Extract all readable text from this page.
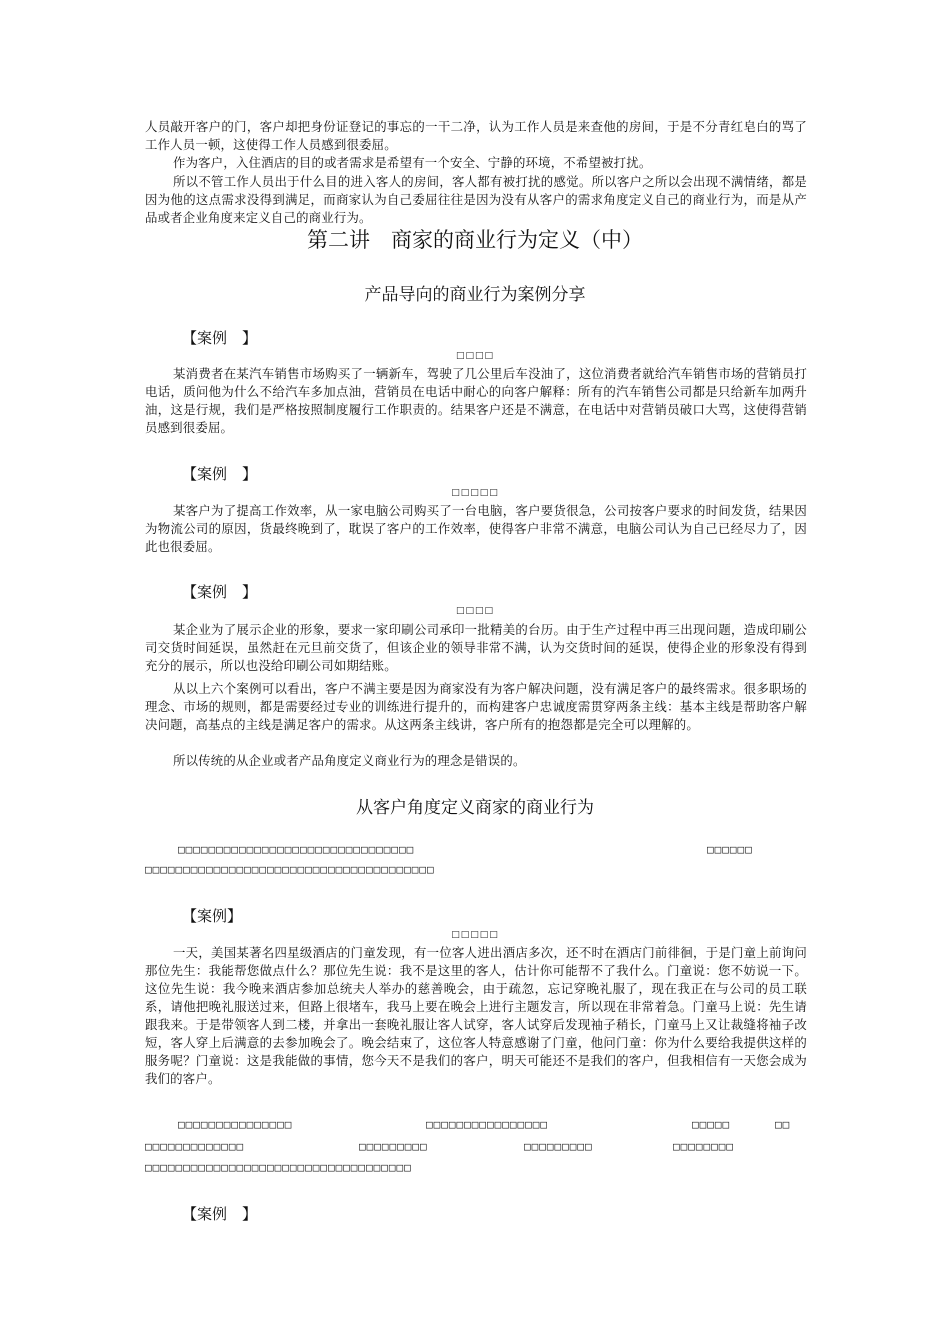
人员敲开客户的门，客户却把身份证登记的事忘的一干二净，认为工作人员是来查他的房间，于是不分青红皂白的骂了工作人员一顿，这使得工作人员感到很委屈。

作为客户，入住酒店的目的或者需求是希望有一个安全、宁静的环境，不希望被打扰。

所以不管工作人员出于什么目的进入客人的房间，客人都有被打扰的感觉。所以客户之所以会出现不满情绪，都是因为他的这点需求没得到满足，而商家认为自己委屈往往是因为没有从客户的需求角度定义自己的商业行为，而是从产品或者企业角度来定义自己的商业行为。

第二讲　商家的商业行为定义（中）
产品导向的商业行为案例分享

【案例　】

□□□□

某消费者在某汽车销售市场购买了一辆新车，驾驶了几公里后车没油了，这位消费者就给汽车销售市场的营销员打电话，质问他为什么不给汽车多加点油，营销员在电话中耐心的向客户解释：所有的汽车销售公司都是只给新车加两升油，这是行规，我们是严格按照制度履行工作职责的。结果客户还是不满意，在电话中对营销员破口大骂，这使得营销员感到很委屈。

【案例　】

□□□□□

某客户为了提高工作效率，从一家电脑公司购买了一台电脑，客户要货很急，公司按客户要求的时间发货，结果因为物流公司的原因，货最终晚到了，耽误了客户的工作效率，使得客户非常不满意，电脑公司认为自己已经尽力了，因此也很委屈。

【案例　】

□□□□

某企业为了展示企业的形象，要求一家印刷公司承印一批精美的台历。由于生产过程中再三出现问题，造成印刷公司交货时间延误，虽然赶在元旦前交货了，但该企业的领导非常不满，认为交货时间的延误，使得企业的形象没有得到充分的展示，所以也没给印刷公司如期结账。

从以上六个案例可以看出，客户不满主要是因为商家没有为客户解决问题，没有满足客户的最终需求。很多职场的理念、市场的规则，都是需要经过专业的训练进行提升的，而构建客户忠诚度需贯穿两条主线：基本主线是帮助客户解决问题，高基点的主线是满足客户的需求。从这两条主线讲，客户所有的抱怨都是完全可以理解的。

所以传统的从企业或者产品角度定义商业行为的理念是错误的。

从客户角度定义商家的商业行为

□□□□□□□□□□□□□□□□□□□□□□□□□□□□□□□	□□□□□□

□□□□□□□□□□□□□□□□□□□□□□□□□□□□□□□□□□□□□□

【案例】

□□□□□

一天，美国某著名四星级酒店的门童发现，有一位客人进出酒店多次，还不时在酒店门前徘徊，于是门童上前询问那位先生：我能帮您做点什么？那位先生说：我不是这里的客人，估计你可能帮不了我什么。门童说：您不妨说一下。这位先生说：我今晚来酒店参加总统夫人举办的慈善晚会，由于疏忽，忘记穿晚礼服了，现在我正在与公司的员工联系，请他把晚礼服送过来，但路上很堵车，我马上要在晚会上进行主题发言，所以现在非常着急。门童马上说：先生请跟我来。于是带领客人到二楼，并拿出一套晚礼服让客人试穿，客人试穿后发现袖子稍长，门童马上又让裁缝将袖子改短，客人穿上后满意的去参加晚会了。晚会结束了，这位客人特意感谢了门童，他问门童：你为什么要给我提供这样的服务呢？门童说：这是我能做的事情，您今天不是我们的客户，明天可能还不是我们的客户，但我相信有一天您会成为我们的客户。

□□□□□□□□□□□□□□□	□□□□□□□□□□□□□□□□	□□□□□	□□

□□□□□□□□□□□□□	□□□□□□□□□	□□□□□□□□□	□□□□□□□□

□□□□□□□□□□□□□□□□□□□□□□□□□□□□□□□□□□□

【案例　】
